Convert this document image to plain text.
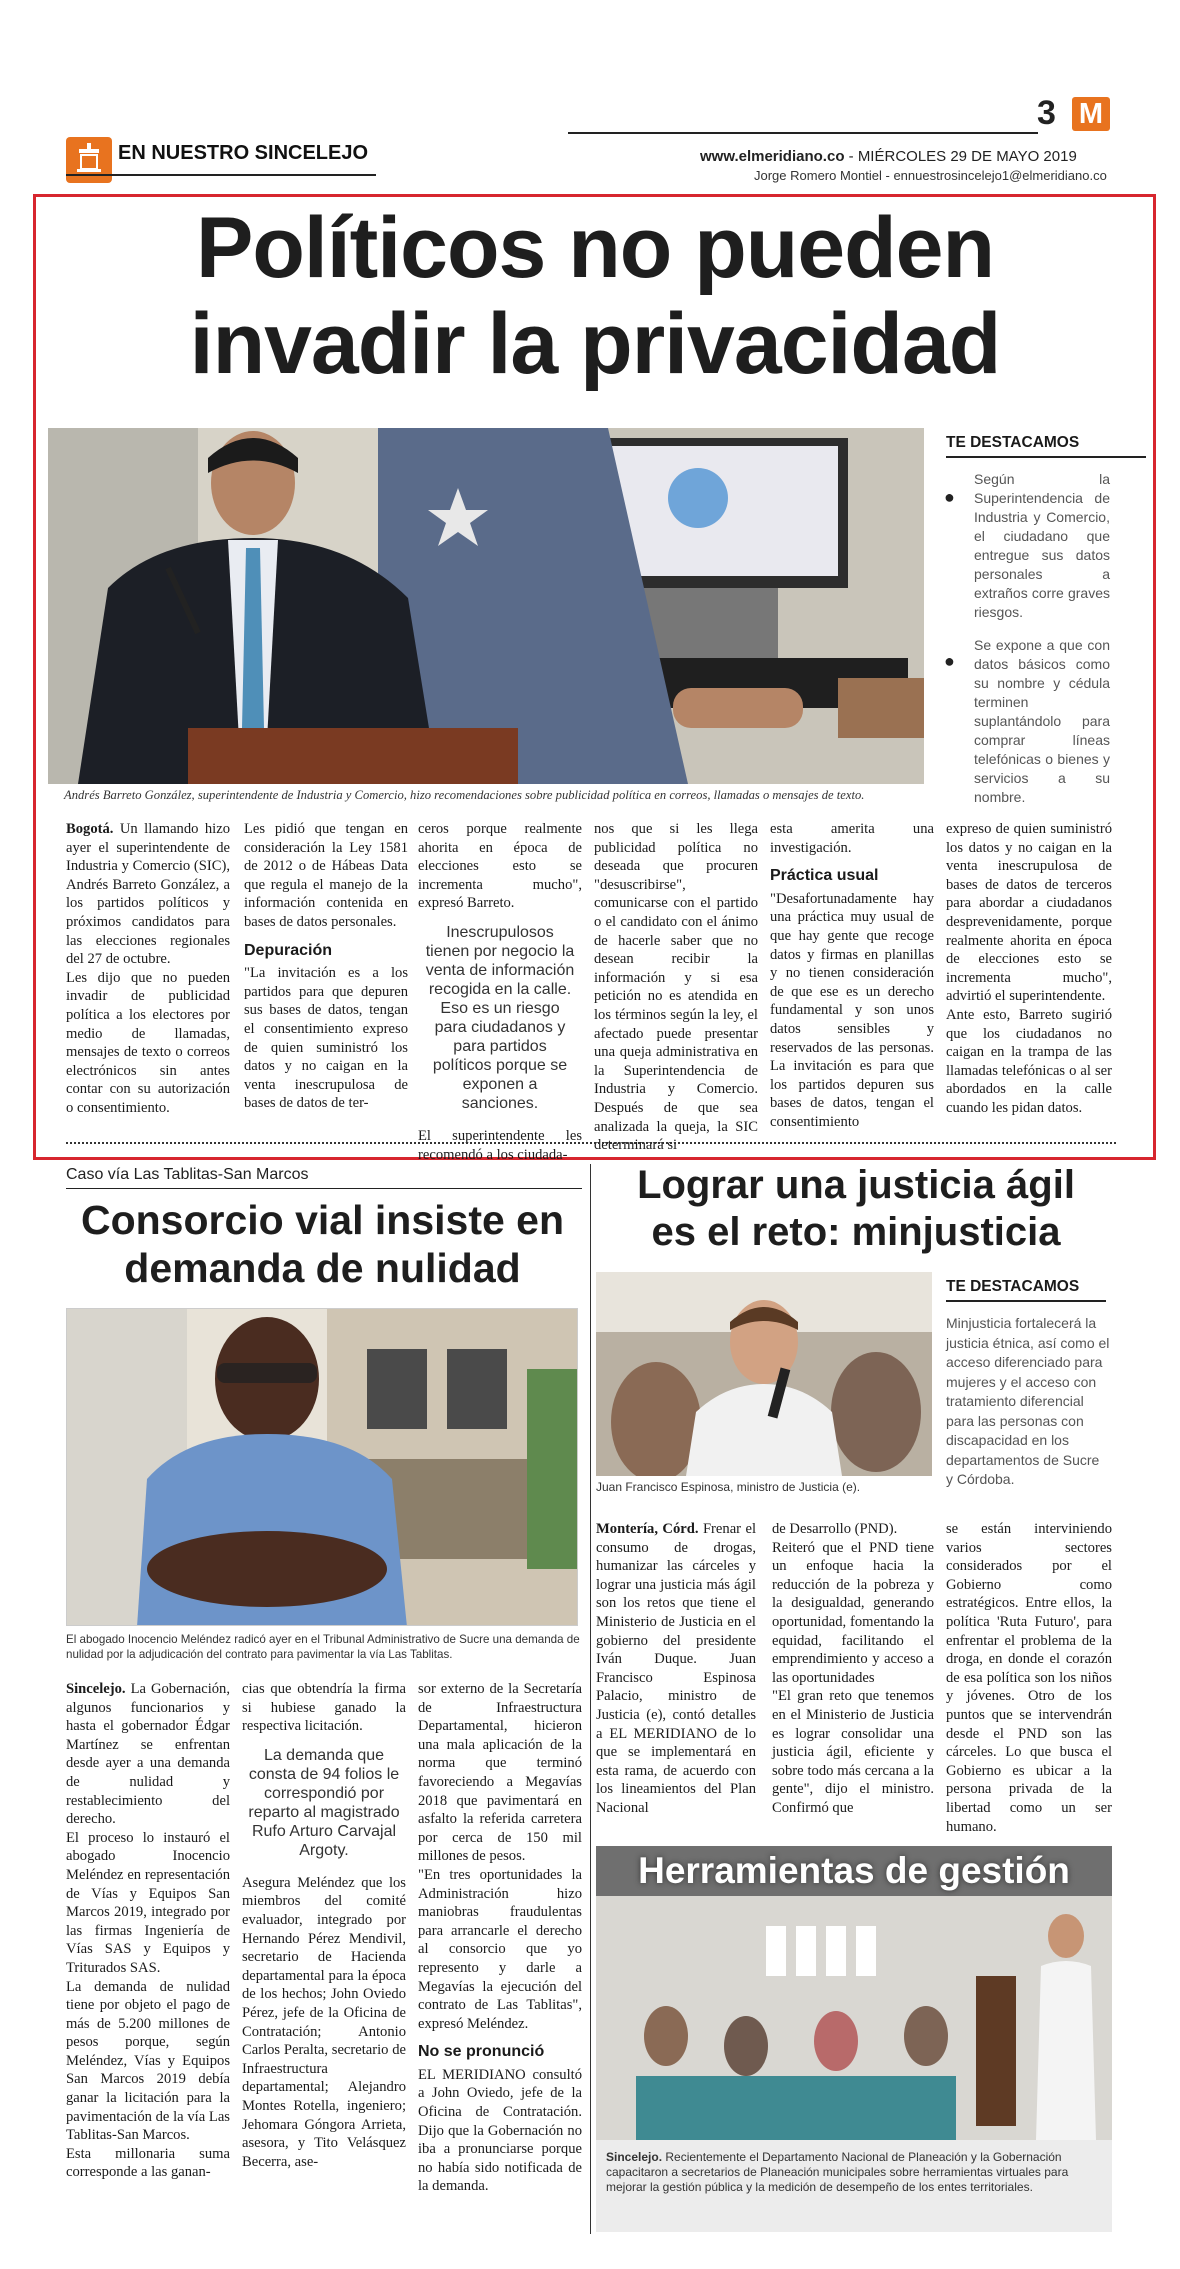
3 M
EN NUESTRO SINCELEJO	www.elmeridiano.co - MIÉRCOLES 29 DE MAYO 2019
Jorge Romero Montiel - ennuestrosincelejo1@elmeridiano.co
Políticos no pueden
invadir la privacidad
Andrés Barreto González, superintendente de Industria y Comercio, hizo recomendaciones sobre publicidad política en correos, llamadas o mensajes de texto.
TE DESTACAMOS
●
Según la Superintendencia de Industria y Comercio, el ciudadano que entregue sus datos personales a extraños corre graves riesgos.
●
Se expone a que con datos básicos como su nombre y cédula terminen suplantándolo para comprar líneas telefónicas o bienes y servicios a su nombre.

Bogotá. Un llamando hizo ayer el superintendente de Industria y Comercio (SIC), Andrés Barreto González, a los partidos políticos y próximos candidatos para las elecciones regionales del 27 de octubre.

Les dijo que no pueden invadir de publicidad política a los electores por medio de llamadas, mensajes de texto o correos electrónicos sin antes contar con su autorización o consentimiento.

Les pidió que tengan en consideración la Ley 1581 de 2012 o de Hábeas Data que regula el manejo de la información contenida en bases de datos personales.

Depuración

"La invitación es a los partidos para que depuren sus bases de datos, tengan el consentimiento expreso de quien suministró los datos y no caigan en la venta inescrupulosa de bases de datos de ter-

ceros porque realmente ahorita en época de elecciones esto se incrementa mucho", expresó Barreto.

Inescrupulosos tienen por negocio la venta de información recogida en la calle. Eso es un riesgo para ciudadanos y para partidos políticos porque se exponen a sanciones.

El superintendente les recomendó a los ciudada-

nos que si les llega publicidad política no deseada que procuren "desuscribirse", comunicarse con el partido o el candidato con el ánimo de hacerle saber que no desean recibir la información y si esa petición no es atendida en los términos según la ley, el afectado puede presentar una queja administrativa en la Superintendencia de Industria y Comercio. Después de que sea analizada la queja, la SIC determinará si

esta amerita una investigación.

Práctica usual

"Desafortunadamente hay una práctica muy usual de que hay gente que recoge datos y firmas en planillas y no tienen consideración de que ese es un derecho fundamental y son unos datos sensibles y reservados de las personas. La invitación es para que los partidos depuren sus bases de datos, tengan el consentimiento

expreso de quien suministró los datos y no caigan en la venta inescrupulosa de bases de datos de terceros para abordar a ciudadanos desprevenidamente, porque realmente ahorita en época de elecciones esto se incrementa mucho", advirtió el superintendente.

Ante esto, Barreto sugirió que los ciudadanos no caigan en la trampa de las llamadas telefónicas o al ser abordados en la calle cuando les pidan datos.

Caso vía Las Tablitas-San Marcos
Consorcio vial insiste en
demanda de nulidad
El abogado Inocencio Meléndez radicó ayer en el Tribunal Administrativo de Sucre una demanda de nulidad por la adjudicación del contrato para pavimentar la vía Las Tablitas.

Sincelejo. La Gobernación, algunos funcionarios y hasta el gobernador Édgar Martínez se enfrentan desde ayer a una demanda de nulidad y restablecimiento del derecho.

El proceso lo instauró el abogado Inocencio Meléndez en representación de Vías y Equipos San Marcos 2019, integrado por las firmas Ingeniería de Vías SAS y Equipos y Triturados SAS.

La demanda de nulidad tiene por objeto el pago de más de 5.200 millones de pesos porque, según Meléndez, Vías y Equipos San Marcos 2019 debía ganar la licitación para la pavimentación de la vía Las Tablitas-San Marcos.

Esta millonaria suma corresponde a las ganan-

cias que obtendría la firma si hubiese ganado la respectiva licitación.

La demanda que consta de 94 folios le correspondió por reparto al magistrado Rufo Arturo Carvajal Argoty.

Asegura Meléndez que los miembros del comité evaluador, integrado por Hernando Pérez Mendivil, secretario de Hacienda departamental para la época de los hechos; John Oviedo Pérez, jefe de la Oficina de Contratación; Antonio Carlos Peralta, secretario de Infraestructura departamental; Alejandro Montes Rotella, ingeniero; Jehomara Góngora Arrieta, asesora, y Tito Velásquez Becerra, ase-

sor externo de la Secretaría de Infraestructura Departamental, hicieron una mala aplicación de la norma que terminó favoreciendo a Megavías 2018 que pavimentará en asfalto la referida carretera por cerca de 150 mil millones de pesos.

"En tres oportunidades la Administración hizo maniobras fraudulentas para arrancarle el derecho al consorcio que yo represento y darle a Megavías la ejecución del contrato de Las Tablitas", expresó Meléndez.

No se pronunció

EL MERIDIANO consultó a John Oviedo, jefe de la Oficina de Contratación. Dijo que la Gobernación no iba a pronunciarse porque no había sido notificada de la demanda.

Lograr una justicia ágil
es el reto: minjusticia
Juan Francisco Espinosa, ministro de Justicia (e).
TE DESTACAMOS
Minjusticia fortalecerá la justicia étnica, así como el acceso diferenciado para mujeres y el acceso con tratamiento diferencial para las personas con discapacidad en los departamentos de Sucre y Córdoba.

Montería, Córd. Frenar el consumo de drogas, humanizar las cárceles y lograr una justicia más ágil son los retos que tiene el Ministerio de Justicia en el gobierno del presidente Iván Duque. Juan Francisco Espinosa Palacio, ministro de Justicia (e), contó detalles a EL MERIDIANO de lo que se implementará en esta rama, de acuerdo con los lineamientos del Plan Nacional

de Desarrollo (PND).

Reiteró que el PND tiene un enfoque hacia la reducción de la pobreza y la desigualdad, generando oportunidad, fomentando la equidad, facilitando el emprendimiento y acceso a las oportunidades

"El gran reto que tenemos en el Ministerio de Justicia es lograr consolidar una justicia ágil, eficiente y sobre todo más cercana a la gente", dijo el ministro. Confirmó que

se están interviniendo varios sectores considerados por el Gobierno como estratégicos. Entre ellos, la política 'Ruta Futuro', para enfrentar el problema de la droga, en donde el corazón de esa política son los niños y jóvenes. Otro de los puntos que se intervendrán desde el PND son las cárceles. Lo que busca el Gobierno es ubicar a la persona privada de la libertad como un ser humano.

Herramientas de gestión
Sincelejo. Recientemente el Departamento Nacional de Planeación y la Gobernación capacitaron a secretarios de Planeación municipales sobre herramientas virtuales para mejorar la gestión pública y la medición de desempeño de los entes territoriales.
